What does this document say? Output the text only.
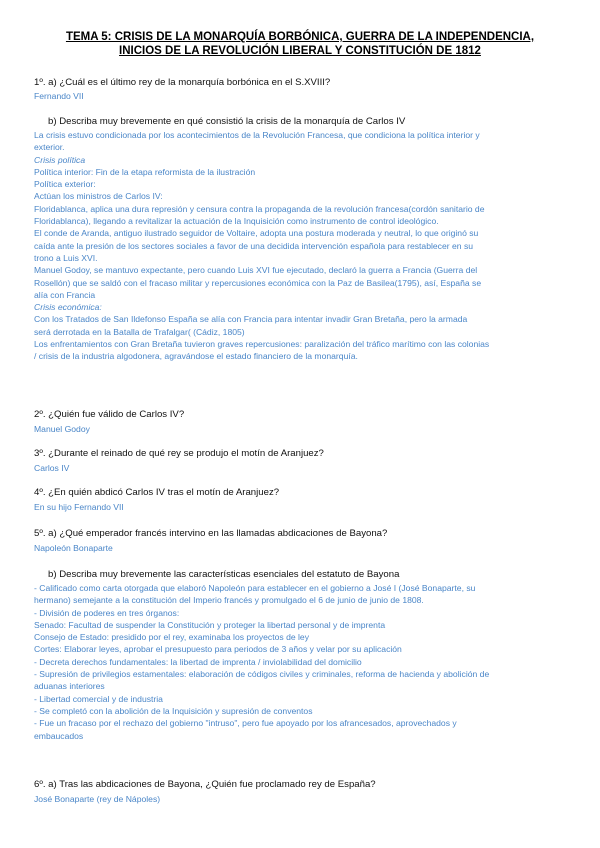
TEMA 5: CRISIS DE LA MONARQUÍA BORBÓNICA, GUERRA DE LA INDEPENDENCIA,
INICIOS DE LA REVOLUCIÓN LIBERAL Y CONSTITUCIÓN DE 1812
1º. a) ¿Cuál es el último rey de la monarquía borbónica en el S.XVIII?
Fernando VII
b) Describa muy brevemente en qué consistió la crisis de la monarquía de Carlos IV
La crisis estuvo condicionada por los acontecimientos de la Revolución Francesa, que condiciona la política interior y
exterior.
Crisis política
Política interior: Fin de la etapa reformista de la ilustración
Política exterior:
Actúan los ministros de Carlos IV:
Floridablanca, aplica una dura represión y censura contra la propaganda de la revolución francesa(cordón sanitario de
Floridablanca), llegando a revitalizar la actuación de la Inquisición como instrumento de control ideológico.
El conde de Aranda, antiguo ilustrado seguidor de Voltaire, adopta una postura moderada y neutral, lo que originó su
caída ante la presión de los sectores sociales a favor de una decidida intervención española para restablecer en su
trono a Luis XVI.
Manuel Godoy, se mantuvo expectante, pero cuando Luis XVI fue ejecutado, declaró la guerra a Francia (Guerra del
Rosellón) que se saldó con el fracaso militar y repercusiones económica con la Paz de Basilea(1795), así, España se
alía con Francia
Crisis económica:
Con los Tratados de San Ildefonso España se alía con Francia para intentar invadir Gran Bretaña, pero la armada
será derrotada en la Batalla de Trafalgar( (Cádiz, 1805)
Los enfrentamientos con Gran Bretaña tuvieron graves repercusiones: paralización del tráfico marítimo con las colonias
/ crisis de la industria algodonera, agravándose el estado financiero de la monarquía.
2º. ¿Quién fue válido de Carlos IV?
Manuel Godoy
3º. ¿Durante el reinado de qué rey se produjo el motín de Aranjuez?
Carlos IV
4º. ¿En quién abdicó Carlos IV tras el motín de Aranjuez?
En su hijo Fernando VII
5º. a) ¿Qué emperador francés intervino en las llamadas abdicaciones de Bayona?
Napoleón Bonaparte
b) Describa muy brevemente las características esenciales del estatuto de Bayona
- Calificado como carta otorgada que elaboró Napoleón para establecer en el gobierno a José I (José Bonaparte, su
hermano) semejante a la constitución del Imperio francés y promulgado el 6 de junio de junio de 1808.
- División de poderes en tres órganos:
Senado: Facultad de suspender la Constitución y proteger la libertad personal y de imprenta
Consejo de Estado: presidido por el rey, examinaba los proyectos de ley
Cortes: Elaborar leyes, aprobar el presupuesto para periodos de 3 años y velar por su aplicación
- Decreta derechos fundamentales: la libertad de imprenta / inviolabilidad del domicilio
- Supresión de privilegios estamentales: elaboración de códigos civiles y criminales, reforma de hacienda y abolición de
aduanas interiores
- Libertad comercial y de industria
- Se completó con la abolición de la Inquisición y supresión de conventos
- Fue un fracaso por el rechazo del gobierno "intruso", pero fue apoyado por los afrancesados, aprovechados y
embaucados
6º. a) Tras las abdicaciones de Bayona, ¿Quién fue proclamado rey de España?
José Bonaparte (rey de Nápoles)
